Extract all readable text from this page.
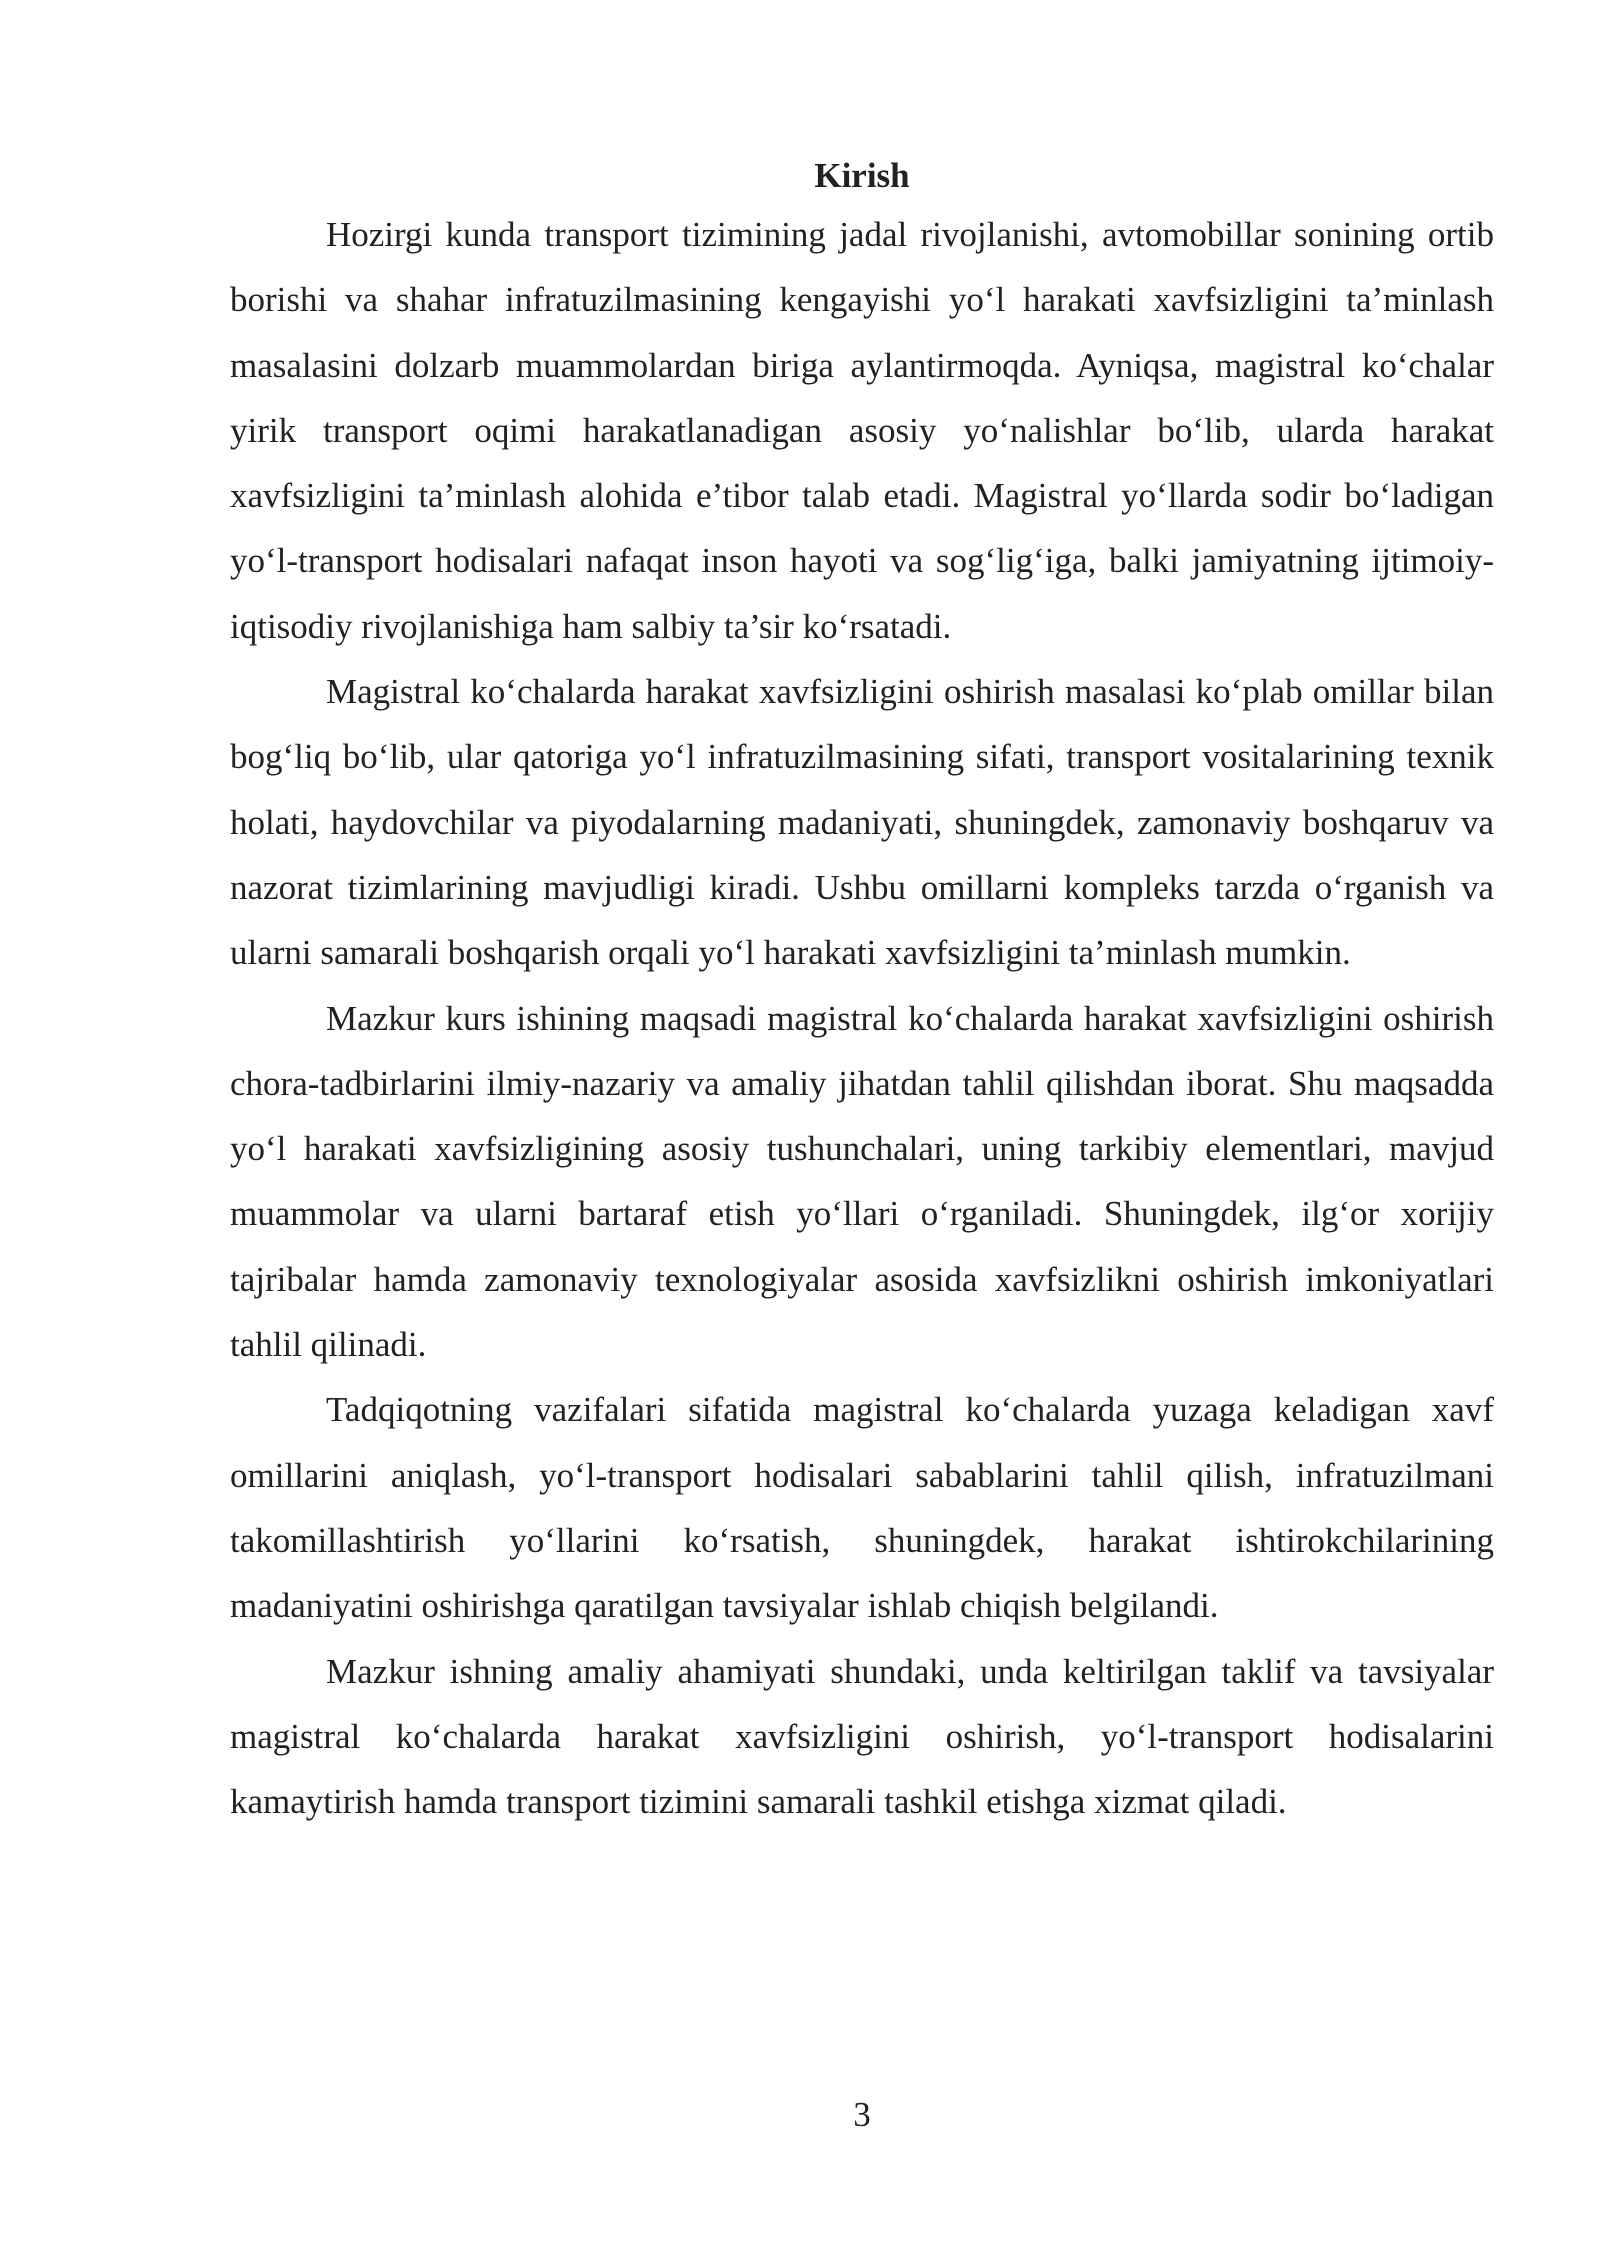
Kirish

Hozirgi kunda transport tizimining jadal rivojlanishi, avtomobillar sonining ortib borishi va shahar infratuzilmasining kengayishi yo‘l harakati xavfsizligini ta’minlash masalasini dolzarb muammolardan biriga aylantirmoqda. Ayniqsa, magistral ko‘chalar yirik transport oqimi harakatlanadigan asosiy yo‘nalishlar bo‘lib, ularda harakat xavfsizligini ta’minlash alohida e’tibor talab etadi. Magistral yo‘llarda sodir bo‘ladigan yo‘l-transport hodisalari nafaqat inson hayoti va sog‘lig‘iga, balki jamiyatning ijtimoiy-iqtisodiy rivojlanishiga ham salbiy ta’sir ko‘rsatadi.

Magistral ko‘chalarda harakat xavfsizligini oshirish masalasi ko‘plab omillar bilan bog‘liq bo‘lib, ular qatoriga yo‘l infratuzilmasining sifati, transport vositalarining texnik holati, haydovchilar va piyodalarning madaniyati, shuningdek, zamonaviy boshqaruv va nazorat tizimlarining mavjudligi kiradi. Ushbu omillarni kompleks tarzda o‘rganish va ularni samarali boshqarish orqali yo‘l harakati xavfsizligini ta’minlash mumkin.

Mazkur kurs ishining maqsadi magistral ko‘chalarda harakat xavfsizligini oshirish chora-tadbirlarini ilmiy-nazariy va amaliy jihatdan tahlil qilishdan iborat. Shu maqsadda yo‘l harakati xavfsizligining asosiy tushunchalari, uning tarkibiy elementlari, mavjud muammolar va ularni bartaraf etish yo‘llari o‘rganiladi. Shuningdek, ilg‘or xorijiy tajribalar hamda zamonaviy texnologiyalar asosida xavfsizlikni oshirish imkoniyatlari tahlil qilinadi.

Tadqiqotning vazifalari sifatida magistral ko‘chalarda yuzaga keladigan xavf omillarini aniqlash, yo‘l-transport hodisalari sabablarini tahlil qilish, infratuzilmani takomillashtirish yo‘llarini ko‘rsatish, shuningdek, harakat ishtirokchilarining madaniyatini oshirishga qaratilgan tavsiyalar ishlab chiqish belgilandi.

Mazkur ishning amaliy ahamiyati shundaki, unda keltirilgan taklif va tavsiyalar magistral ko‘chalarda harakat xavfsizligini oshirish, yo‘l-transport hodisalarini kamaytirish hamda transport tizimini samarali tashkil etishga xizmat qiladi.

3
